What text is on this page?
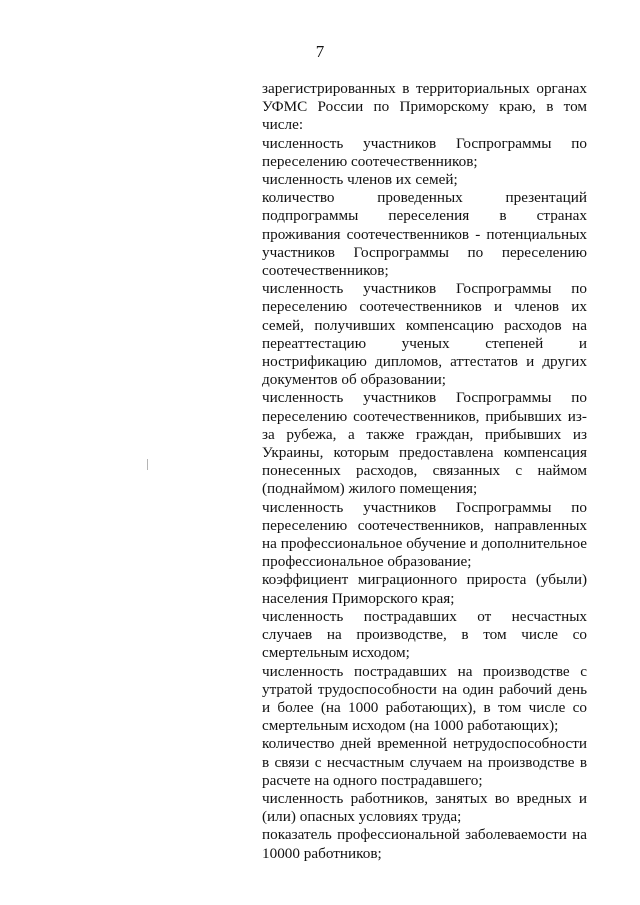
7

зарегистрированных в территориальных органах УФМС России по Приморскому краю, в том числе:

численность участников Госпрограммы по переселению соотечественников;

численность членов их семей;

количество проведенных презентаций подпрограммы переселения в странах проживания соотечественников - потенциальных участников Госпрограммы по переселению соотечественников;

численность участников Госпрограммы по переселению соотечественников и членов их семей, получивших компенсацию расходов на переаттестацию ученых степеней и нострификацию дипломов, аттестатов и других документов об образовании;

численность участников Госпрограммы по переселению соотечественников, прибывших из-за рубежа, а также граждан, прибывших из Украины, которым предоставлена компенсация понесенных расходов, связанных с наймом (поднаймом) жилого помещения;

численность участников Госпрограммы по переселению соотечественников, направленных на профессиональное обучение и дополнительное профессиональное образование;

коэффициент миграционного прироста (убыли) населения Приморского края;

численность пострадавших от несчастных случаев на производстве, в том числе со смертельным исходом;

численность пострадавших на производстве с утратой трудоспособности на один рабочий день и более (на 1000 работающих), в том числе со смертельным исходом (на 1000 работающих);

количество дней временной нетрудоспособности в связи с несчастным случаем на производстве в расчете на одного пострадавшего;

численность работников, занятых во вредных и (или) опасных условиях труда;

показатель профессиональной заболеваемости на 10000 работников;
